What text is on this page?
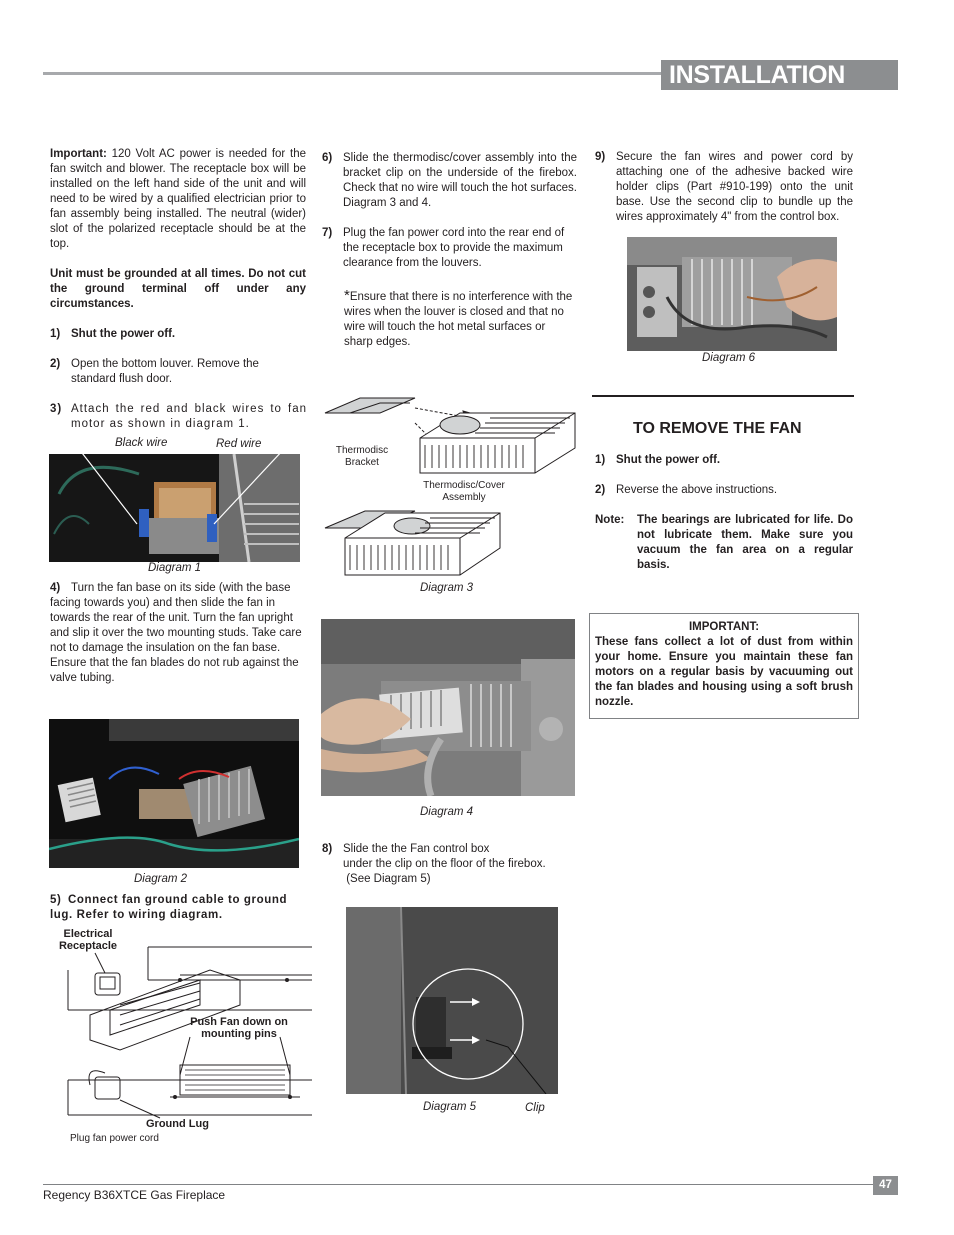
INSTALLATION
Important: 120 Volt AC power is needed for the fan switch and blower. The receptacle box will be installed on the left hand side of the unit and will need to be wired by a qualified electrician prior to fan assembly being installed. The neutral (wider) slot of the polarized receptacle should be at the top.
Unit must be grounded at all times. Do not cut the ground terminal off under any circumstances.
1) Shut the power off.
2) Open the bottom louver. Remove the standard flush door.
3) Attach the red and black wires to fan motor as shown in diagram 1.
Black wire	Red wire
Diagram 1
4) Turn the fan base on its side (with the base facing towards you) and then slide the fan in towards the rear of the unit. Turn the fan upright and slip it over the two mounting studs. Take care not to damage the insulation on the fan base. Ensure that the fan blades do not rub against the valve tubing.
Diagram 2
5) Connect fan ground cable to ground lug. Refer to wiring diagram.
Electrical Receptacle
Push Fan down on mounting pins
Ground Lug
Plug fan power cord
6) Slide the thermodisc/cover assembly into the bracket clip on the underside of the firebox. Check that no wire will touch the hot surfaces. Diagram 3 and 4.
7) Plug the fan power cord into the rear end of the receptacle box to provide the maximum clearance from the louvers.
*Ensure that there is no interference with the wires when the louver is closed and that no wire will touch the hot metal surfaces or sharp edges.
Thermodisc Bracket
Thermodisc/Cover Assembly
Diagram 3
Diagram 4
8) Slide the the Fan control box
under the clip on the floor of the firebox.
(See Diagram 5)
Diagram 5	Clip
9) Secure the fan wires and power cord by attaching one of the adhesive backed wire holder clips (Part #910-199) onto the unit base. Use the second clip to bundle up the wires approximately 4" from the control box.
Diagram 6
TO REMOVE THE FAN
1) Shut the power off.
2) Reverse the above instructions.
Note: The bearings are lubricated for life. Do not lubricate them. Make sure you vacuum the fan area on a regular basis.
IMPORTANT:
These fans collect a lot of dust from within your home. Ensure you maintain these fan motors on a regular basis by vacuuming out the fan blades and housing using a soft brush nozzle.
47
Regency B36XTCE Gas Fireplace
